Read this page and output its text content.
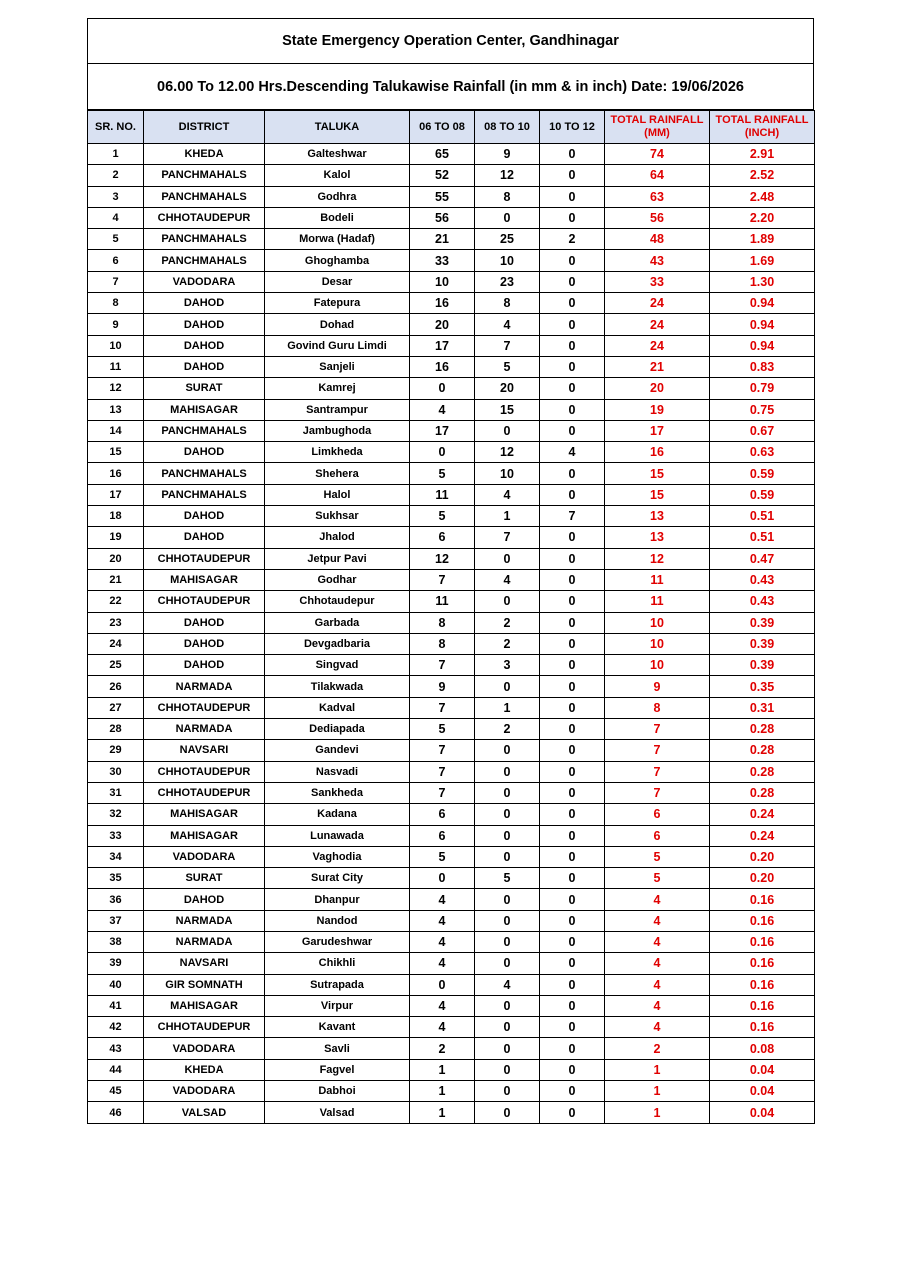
State Emergency Operation Center, Gandhinagar
06.00 To 12.00 Hrs.Descending Talukawise Rainfall (in mm & in inch) Date: 19/06/2026
SR. NO.	DISTRICT	TALUKA	06 TO 08	08 TO 10	10 TO 12	TOTAL RAINFALL (MM)	TOTAL RAINFALL (INCH)
1	KHEDA	Galteshwar	65	9	0	74	2.91
2	PANCHMAHALS	Kalol	52	12	0	64	2.52
3	PANCHMAHALS	Godhra	55	8	0	63	2.48
4	CHHOTAUDEPUR	Bodeli	56	0	0	56	2.20
5	PANCHMAHALS	Morwa (Hadaf)	21	25	2	48	1.89
6	PANCHMAHALS	Ghoghamba	33	10	0	43	1.69
7	VADODARA	Desar	10	23	0	33	1.30
8	DAHOD	Fatepura	16	8	0	24	0.94
9	DAHOD	Dohad	20	4	0	24	0.94
10	DAHOD	Govind Guru Limdi	17	7	0	24	0.94
11	DAHOD	Sanjeli	16	5	0	21	0.83
12	SURAT	Kamrej	0	20	0	20	0.79
13	MAHISAGAR	Santrampur	4	15	0	19	0.75
14	PANCHMAHALS	Jambughoda	17	0	0	17	0.67
15	DAHOD	Limkheda	0	12	4	16	0.63
16	PANCHMAHALS	Shehera	5	10	0	15	0.59
17	PANCHMAHALS	Halol	11	4	0	15	0.59
18	DAHOD	Sukhsar	5	1	7	13	0.51
19	DAHOD	Jhalod	6	7	0	13	0.51
20	CHHOTAUDEPUR	Jetpur Pavi	12	0	0	12	0.47
21	MAHISAGAR	Godhar	7	4	0	11	0.43
22	CHHOTAUDEPUR	Chhotaudepur	11	0	0	11	0.43
23	DAHOD	Garbada	8	2	0	10	0.39
24	DAHOD	Devgadbaria	8	2	0	10	0.39
25	DAHOD	Singvad	7	3	0	10	0.39
26	NARMADA	Tilakwada	9	0	0	9	0.35
27	CHHOTAUDEPUR	Kadval	7	1	0	8	0.31
28	NARMADA	Dediapada	5	2	0	7	0.28
29	NAVSARI	Gandevi	7	0	0	7	0.28
30	CHHOTAUDEPUR	Nasvadi	7	0	0	7	0.28
31	CHHOTAUDEPUR	Sankheda	7	0	0	7	0.28
32	MAHISAGAR	Kadana	6	0	0	6	0.24
33	MAHISAGAR	Lunawada	6	0	0	6	0.24
34	VADODARA	Vaghodia	5	0	0	5	0.20
35	SURAT	Surat City	0	5	0	5	0.20
36	DAHOD	Dhanpur	4	0	0	4	0.16
37	NARMADA	Nandod	4	0	0	4	0.16
38	NARMADA	Garudeshwar	4	0	0	4	0.16
39	NAVSARI	Chikhli	4	0	0	4	0.16
40	GIR SOMNATH	Sutrapada	0	4	0	4	0.16
41	MAHISAGAR	Virpur	4	0	0	4	0.16
42	CHHOTAUDEPUR	Kavant	4	0	0	4	0.16
43	VADODARA	Savli	2	0	0	2	0.08
44	KHEDA	Fagvel	1	0	0	1	0.04
45	VADODARA	Dabhoi	1	0	0	1	0.04
46	VALSAD	Valsad	1	0	0	1	0.04
